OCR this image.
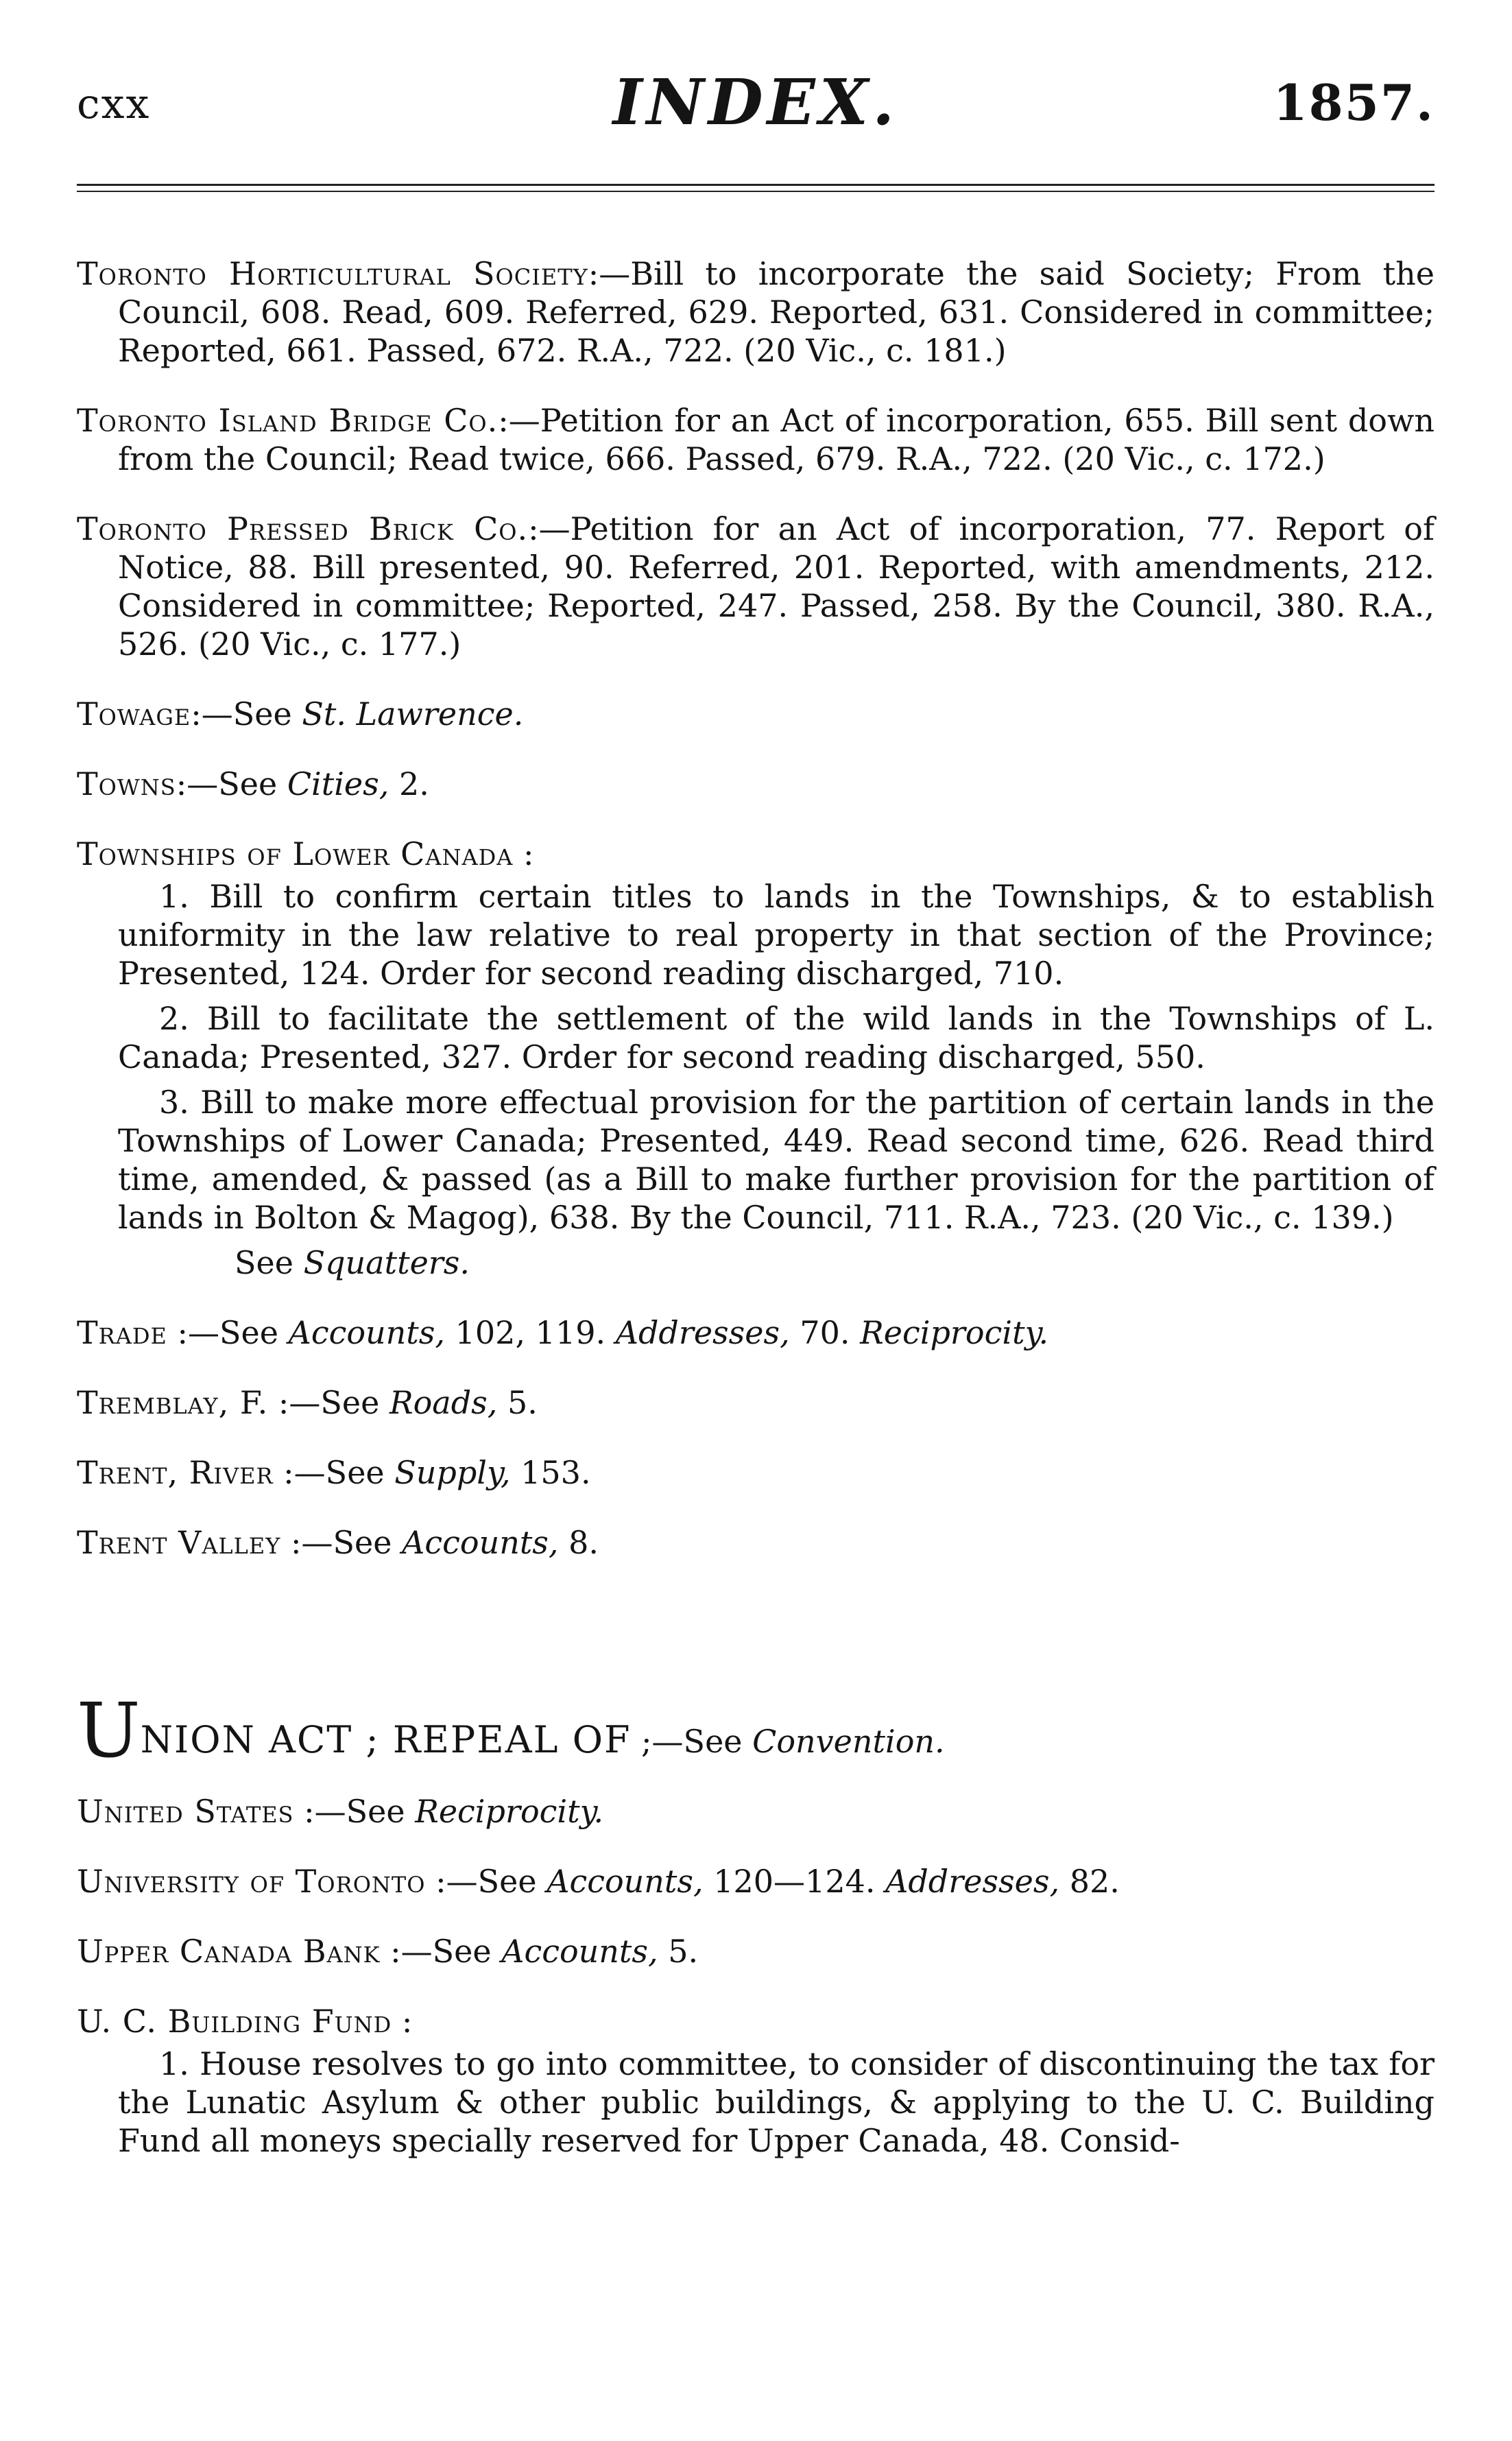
cxx	INDEX.	1857.

Toronto Horticultural Society:—Bill to incorporate the said Society; From the Council, 608. Read, 609. Referred, 629. Reported, 631. Considered in committee; Reported, 661. Passed, 672. R.A., 722. (20 Vic., c. 181.)

Toronto Island Bridge Co.:—Petition for an Act of incorporation, 655. Bill sent down from the Council; Read twice, 666. Passed, 679. R.A., 722. (20 Vic., c. 172.)

Toronto Pressed Brick Co.:—Petition for an Act of incorporation, 77. Report of Notice, 88. Bill presented, 90. Referred, 201. Reported, with amendments, 212. Considered in committee; Reported, 247. Passed, 258. By the Council, 380. R.A., 526. (20 Vic., c. 177.)

Towage:—See St. Lawrence.

Towns:—See Cities, 2.

Townships of Lower Canada :

1. Bill to confirm certain titles to lands in the Townships, & to establish uniformity in the law relative to real property in that section of the Province; Presented, 124. Order for second reading discharged, 710.

2. Bill to facilitate the settlement of the wild lands in the Townships of L. Canada; Presented, 327. Order for second reading discharged, 550.

3. Bill to make more effectual provision for the partition of certain lands in the Townships of Lower Canada; Presented, 449. Read second time, 626. Read third time, amended, & passed (as a Bill to make further provision for the partition of lands in Bolton & Magog), 638. By the Council, 711. R.A., 723. (20 Vic., c. 139.)

See Squatters.

Trade :—See Accounts, 102, 119. Addresses, 70. Reciprocity.

Tremblay, F. :—See Roads, 5.

Trent, River :—See Supply, 153.

Trent Valley :—See Accounts, 8.

UNION ACT ; REPEAL OF ;—See Convention.

United States :—See Reciprocity.

University of Toronto :—See Accounts, 120—124. Addresses, 82.

Upper Canada Bank :—See Accounts, 5.

U. C. Building Fund :

1. House resolves to go into committee, to consider of discontinuing the tax for the Lunatic Asylum & other public buildings, & applying to the U. C. Building Fund all moneys specially reserved for Upper Canada, 48. Consid-
